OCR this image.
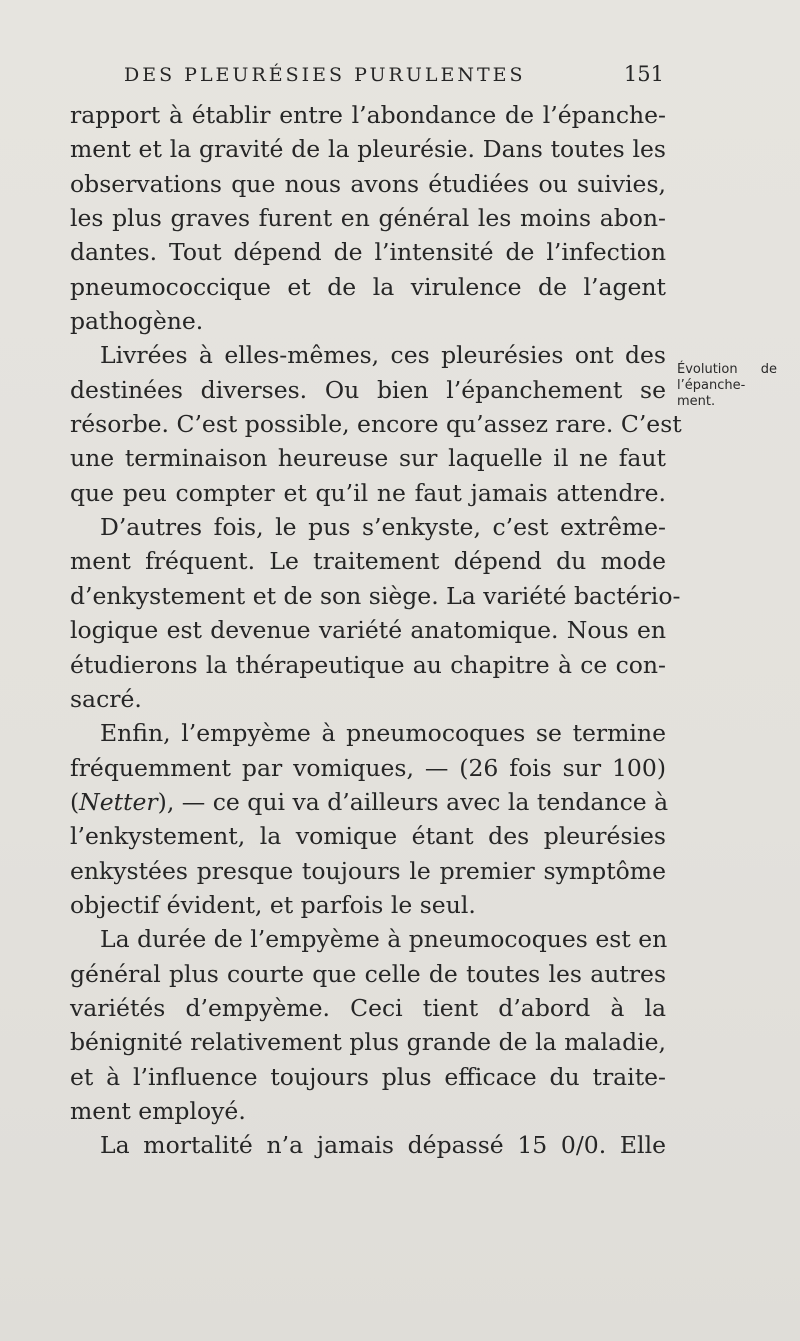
DES PLEURÉSIES PURULENTES	151
rapport à établir entre l’abondance de l’épanche-
ment et la gravité de la pleurésie. Dans toutes les
observations que nous avons étudiées ou suivies,
les plus graves furent en général les moins abon-
dantes. Tout dépend de l’intensité de l’infection
pneumococcique et de la virulence de l’agent
pathogène.
Livrées à elles-mêmes, ces pleurésies ont des
destinées diverses. Ou bien l’épanchement se
résorbe. C’est possible, encore qu’assez rare. C’est
une terminaison heureuse sur laquelle il ne faut
que peu compter et qu’il ne faut jamais attendre.
D’autres fois, le pus s’enkyste, c’est extrême-
ment fréquent. Le traitement dépend du mode
d’enkystement et de son siège. La variété bactério-
logique est devenue variété anatomique. Nous en
étudierons la thérapeutique au chapitre à ce con-
sacré.
Enfin, l’empyème à pneumocoques se termine
fréquemment par vomiques, — (26 fois sur 100)
(Netter), — ce qui va d’ailleurs avec la tendance à
l’enkystement, la vomique étant des pleurésies
enkystées presque toujours le premier symptôme
objectif évident, et parfois le seul.
La durée de l’empyème à pneumocoques est en
général plus courte que celle de toutes les autres
variétés d’empyème. Ceci tient d’abord à la
bénignité relativement plus grande de la maladie,
et à l’influence toujours plus efficace du traite-
ment employé.
La mortalité n’a jamais dépassé 15 0/0. Elle
Évolution de
l’épanche-
ment.
